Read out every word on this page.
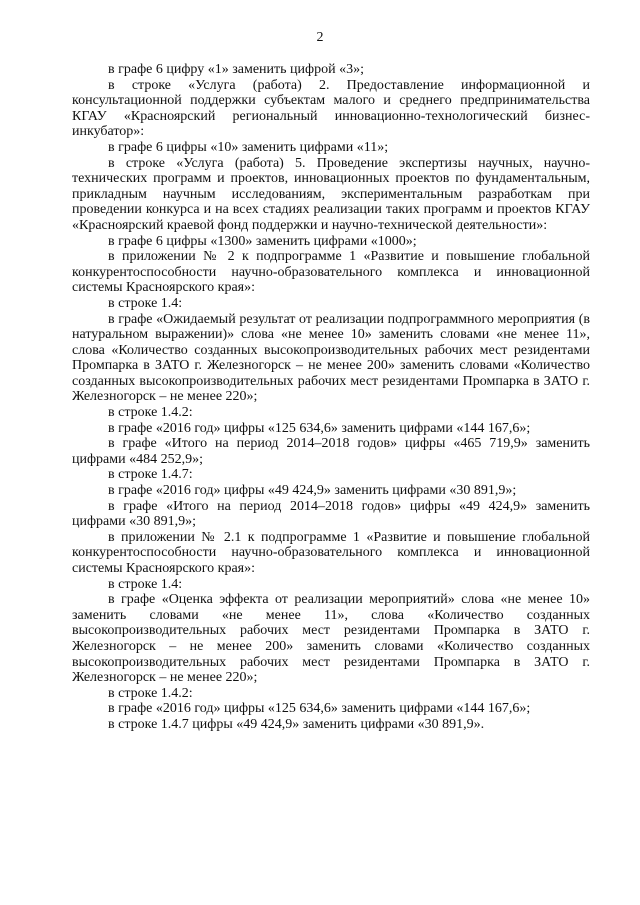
2

в графе 6 цифру «1» заменить цифрой «3»;

в строке «Услуга (работа) 2. Предоставление информационной и консультационной поддержки субъектам малого и среднего предпринимательства КГАУ «Красноярский региональный инновационно-технологический бизнес-инкубатор»:

в графе 6 цифры «10» заменить цифрами «11»;

в строке «Услуга (работа) 5. Проведение экспертизы научных, научно-технических программ и проектов, инновационных проектов по фундаментальным, прикладным научным исследованиям, экспериментальным разработкам при проведении конкурса и на всех стадиях реализации таких программ и проектов КГАУ «Красноярский краевой фонд поддержки и научно-технической деятельности»:

в графе 6 цифры «1300» заменить цифрами «1000»;

в приложении № 2 к подпрограмме 1 «Развитие и повышение глобальной конкурентоспособности научно-образовательного комплекса и инновационной системы Красноярского края»:

в строке 1.4:

в графе «Ожидаемый результат от реализации подпрограммного мероприятия (в натуральном выражении)» слова «не менее 10» заменить словами «не менее 11», слова «Количество созданных высокопроизводительных рабочих мест резидентами Промпарка в ЗАТО г. Железногорск – не менее 200» заменить словами «Количество созданных высокопроизводительных рабочих мест резидентами Промпарка в ЗАТО г. Железногорск – не менее 220»;

в строке 1.4.2:

в графе «2016 год» цифры «125 634,6» заменить цифрами «144 167,6»;

в графе «Итого на период 2014–2018 годов» цифры «465 719,9» заменить цифрами «484 252,9»;

в строке 1.4.7:

в графе «2016 год» цифры «49 424,9» заменить цифрами «30 891,9»;

в графе «Итого на период 2014–2018 годов» цифры «49 424,9» заменить цифрами «30 891,9»;

в приложении № 2.1 к подпрограмме 1 «Развитие и повышение глобальной конкурентоспособности научно-образовательного комплекса и инновационной системы Красноярского края»:

в строке 1.4:

в графе «Оценка эффекта от реализации мероприятий» слова «не менее 10» заменить словами «не менее 11», слова «Количество созданных высокопроизводительных рабочих мест резидентами Промпарка в ЗАТО г. Железногорск – не менее 200» заменить словами «Количество созданных высокопроизводительных рабочих мест резидентами Промпарка в ЗАТО г. Железногорск – не менее 220»;

в строке 1.4.2:

в графе «2016 год» цифры «125 634,6» заменить цифрами «144 167,6»;

в строке 1.4.7 цифры «49 424,9» заменить цифрами «30 891,9».
